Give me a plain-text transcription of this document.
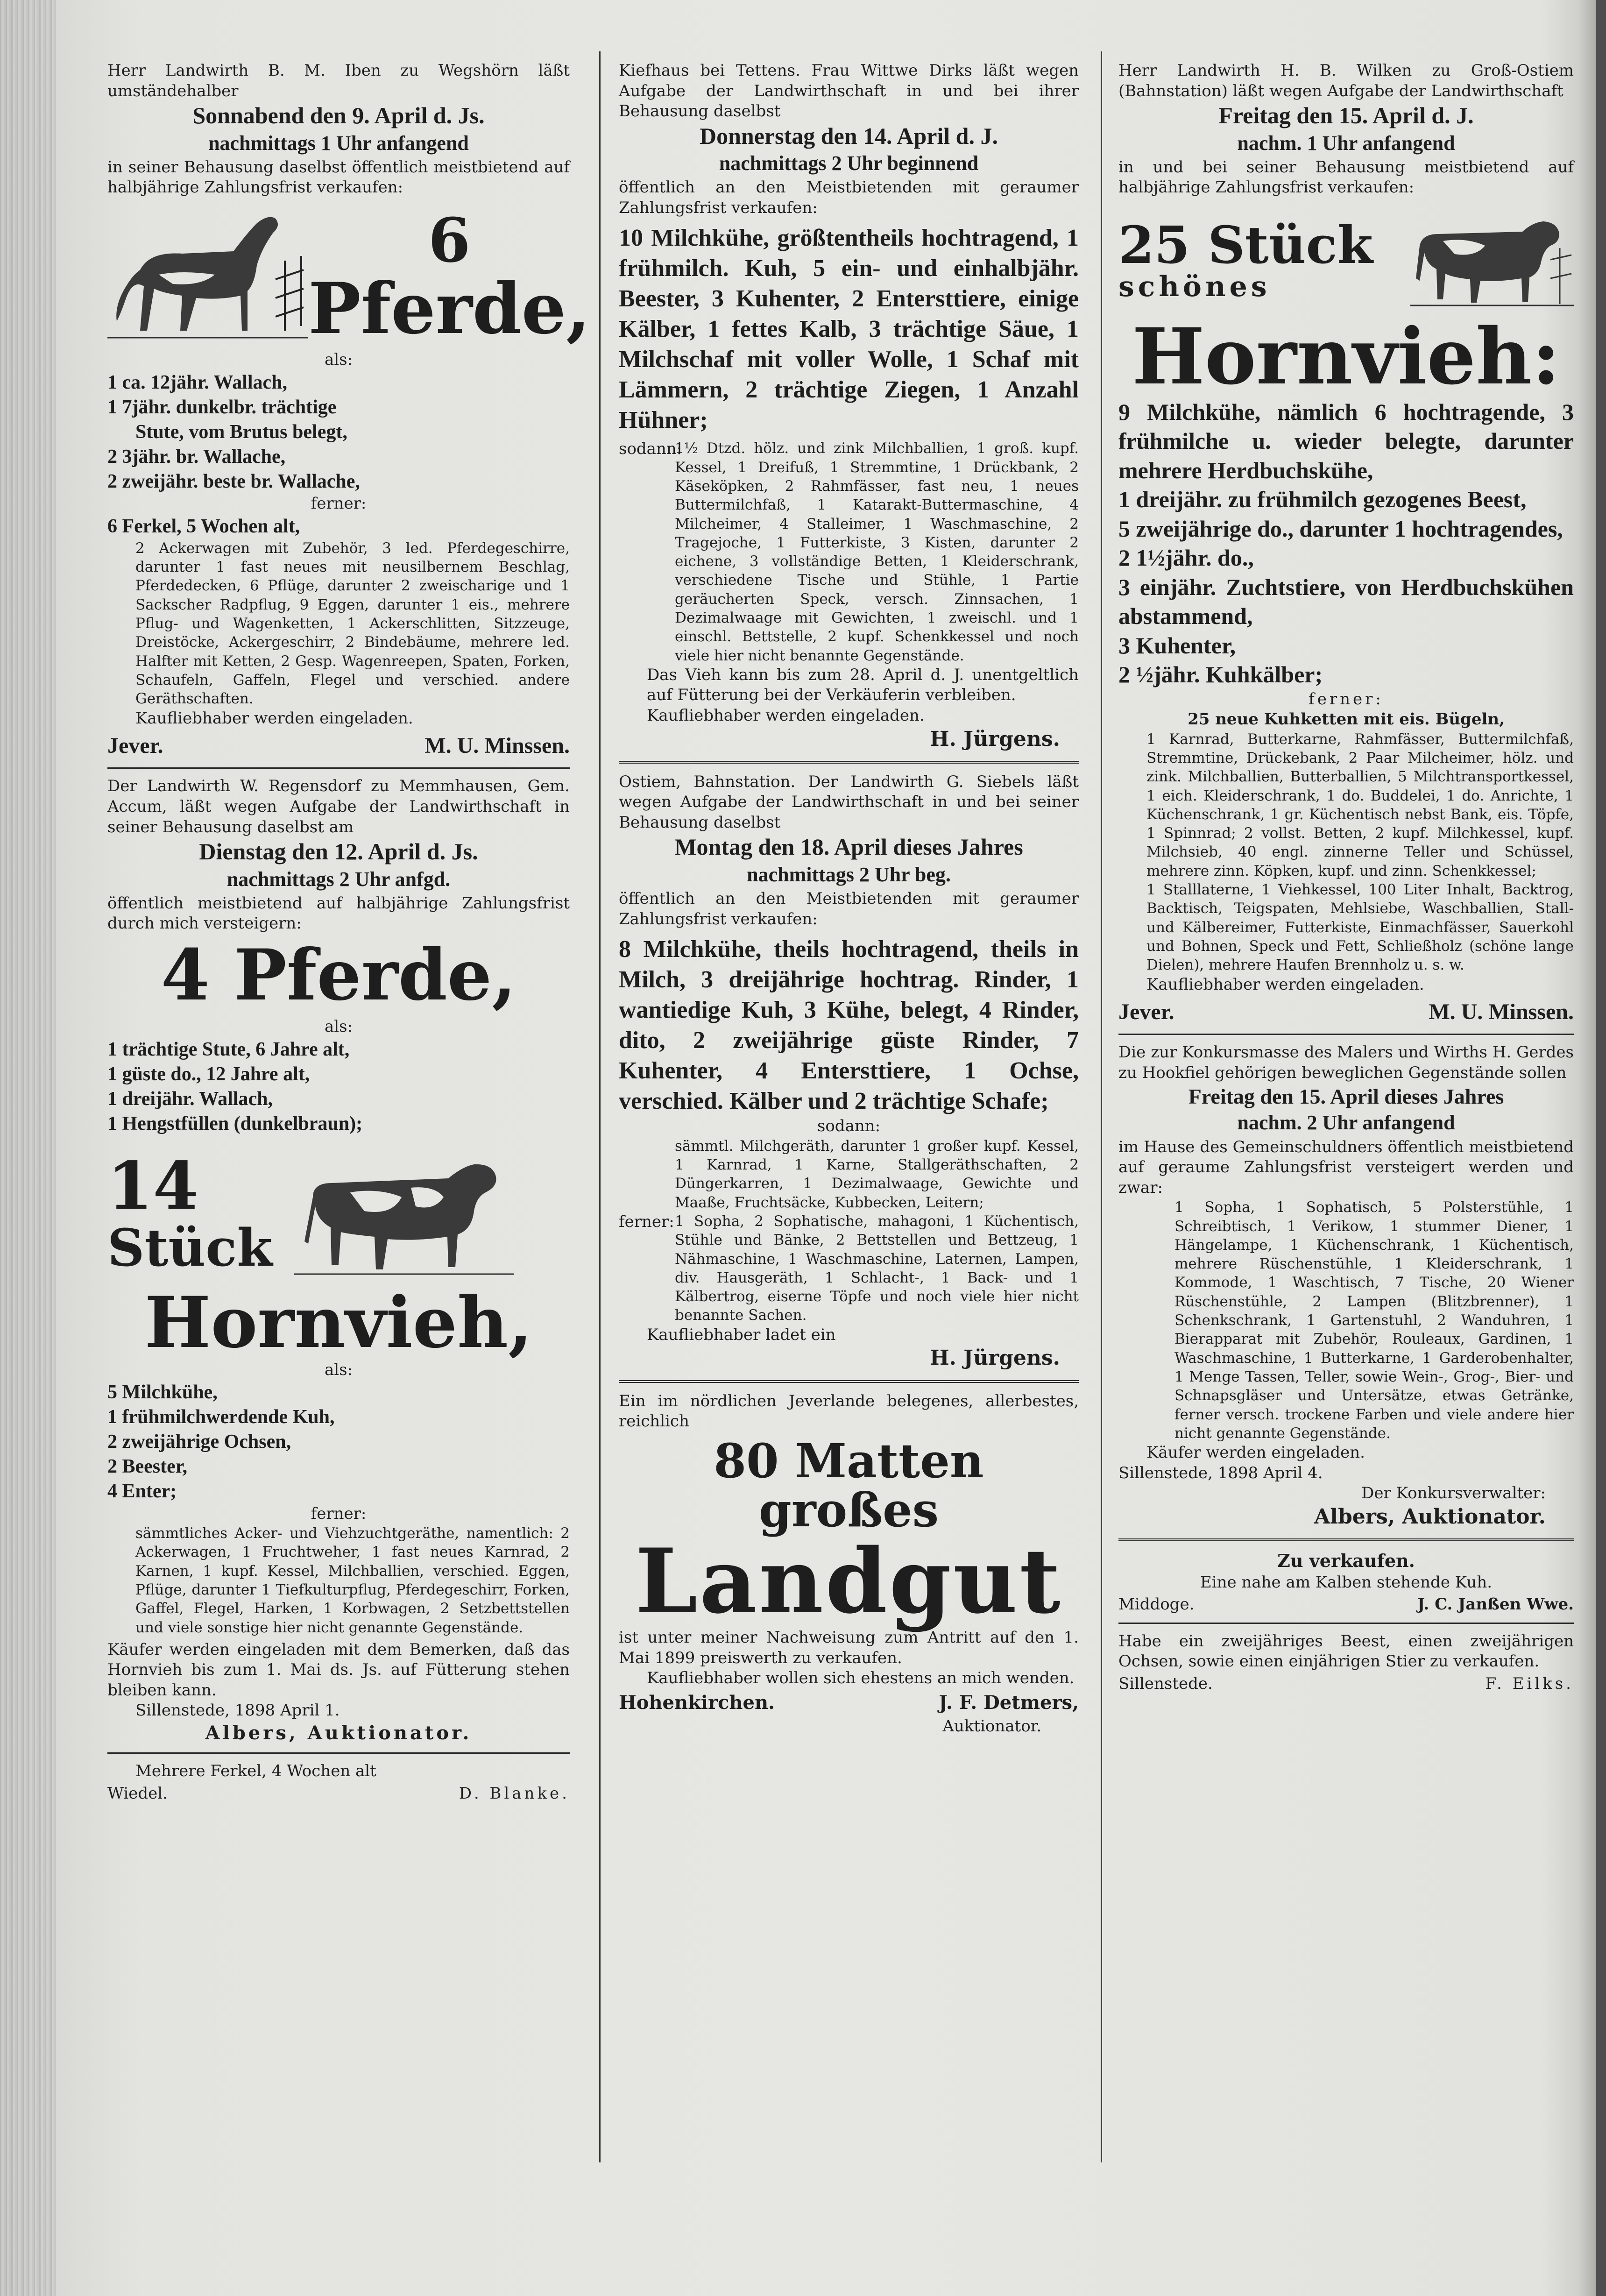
Herr Landwirth B. M. Iben zu Wegshörn läßt umständehalber

Sonnabend den 9. April d. Js.

nachmittags 1 Uhr anfangend

in seiner Behausung daselbst öffentlich meistbietend auf halbjährige Zahlungsfrist verkaufen:

6

Pferde,

als:

1 ca. 12jähr. Wallach,

1 7jähr. dunkelbr. trächtige

Stute, vom Brutus belegt,

2 3jähr. br. Wallache,

2 zweijähr. beste br. Wallache,

ferner:

6 Ferkel, 5 Wochen alt,

2 Ackerwagen mit Zubehör, 3 led. Pferdegeschirre, darunter 1 fast neues mit neusilbernem Beschlag, Pferdedecken, 6 Pflüge, darunter 2 zweischarige und 1 Sackscher Radpflug, 9 Eggen, darunter 1 eis., mehrere Pflug- und Wagenketten, 1 Ackerschlitten, Sitzzeuge, Dreistöcke, Ackergeschirr, 2 Bindebäume, mehrere led. Halfter mit Ketten, 2 Gesp. Wagenreepen, Spaten, Forken, Schaufeln, Gaffeln, Flegel und verschied. andere Geräthschaften.

Kaufliebhaber werden eingeladen.

Jever.	M. U. Minssen.

Der Landwirth W. Regensdorf zu Memmhausen, Gem. Accum, läßt wegen Aufgabe der Landwirthschaft in seiner Behausung daselbst am

Dienstag den 12. April d. Js.

nachmittags 2 Uhr anfgd.

öffentlich meistbietend auf halbjährige Zahlungsfrist durch mich versteigern:

4 Pferde,

als:

1 trächtige Stute, 6 Jahre alt,

1 güste do., 12 Jahre alt,

1 dreijähr. Wallach,

1 Hengstfüllen (dunkelbraun);

14

Stück

Hornvieh,

als:

5 Milchkühe,

1 frühmilchwerdende Kuh,

2 zweijährige Ochsen,

2 Beester,

4 Enter;

ferner:

sämmtliches Acker- und Viehzuchtgeräthe, namentlich: 2 Ackerwagen, 1 Fruchtweher, 1 fast neues Karnrad, 2 Karnen, 1 kupf. Kessel, Milchballien, verschied. Eggen, Pflüge, darunter 1 Tiefkulturpflug, Pferdegeschirr, Forken, Gaffel, Flegel, Harken, 1 Korbwagen, 2 Setzbettstellen und viele sonstige hier nicht genannte Gegenstände.

Käufer werden eingeladen mit dem Bemerken, daß das Hornvieh bis zum 1. Mai ds. Js. auf Fütterung stehen bleiben kann.

Sillenstede, 1898 April 1.

Albers, Auktionator.

Mehrere Ferkel, 4 Wochen alt

Wiedel.	D. Blanke.

Kiefhaus bei Tettens. Frau Wittwe Dirks läßt wegen Aufgabe der Landwirthschaft in und bei ihrer Behausung daselbst

Donnerstag den 14. April d. J.

nachmittags 2 Uhr beginnend

öffentlich an den Meistbietenden mit geraumer Zahlungsfrist verkaufen:

10 Milchkühe, größtentheils hochtragend, 1 frühmilch. Kuh, 5 ein- und einhalbjähr. Beester, 3 Kuhenter, 2 Entersttiere, einige Kälber, 1 fettes Kalb, 3 trächtige Säue, 1 Milchschaf mit voller Wolle, 1 Schaf mit Lämmern, 2 trächtige Ziegen, 1 Anzahl Hühner;

sodann:

1½ Dtzd. hölz. und zink Milchballien, 1 groß. kupf. Kessel, 1 Dreifuß, 1 Stremmtine, 1 Drückbank, 2 Käseköpken, 2 Rahmfässer, fast neu, 1 neues Buttermilchfaß, 1 Katarakt-Buttermaschine, 4 Milcheimer, 4 Stalleimer, 1 Waschmaschine, 2 Tragejoche, 1 Futterkiste, 3 Kisten, darunter 2 eichene, 3 vollständige Betten, 1 Kleiderschrank, verschiedene Tische und Stühle, 1 Partie geräucherten Speck, versch. Zinnsachen, 1 Dezimalwaage mit Gewichten, 1 zweischl. und 1 einschl. Bettstelle, 2 kupf. Schenkkessel und noch viele hier nicht benannte Gegenstände.

Das Vieh kann bis zum 28. April d. J. unentgeltlich auf Fütterung bei der Verkäuferin verbleiben.

Kaufliebhaber werden eingeladen.

H. Jürgens.

Ostiem, Bahnstation. Der Landwirth G. Siebels läßt wegen Aufgabe der Landwirthschaft in und bei seiner Behausung daselbst

Montag den 18. April dieses Jahres

nachmittags 2 Uhr beg.

öffentlich an den Meistbietenden mit geraumer Zahlungsfrist verkaufen:

8 Milchkühe, theils hochtragend, theils in Milch, 3 dreijährige hochtrag. Rinder, 1 wantiedige Kuh, 3 Kühe, belegt, 4 Rinder, dito, 2 zweijährige güste Rinder, 7 Kuhenter, 4 Entersttiere, 1 Ochse, verschied. Kälber und 2 trächtige Schafe;

sodann:

sämmtl. Milchgeräth, darunter 1 großer kupf. Kessel, 1 Karnrad, 1 Karne, Stallgeräthschaften, 2 Düngerkarren, 1 Dezimalwaage, Gewichte und Maaße, Fruchtsäcke, Kubbecken, Leitern;

ferner: 1 Sopha, 2 Sophatische, mahagoni, 1 Küchentisch, Stühle und Bänke, 2 Bettstellen und Bettzeug, 1 Nähmaschine, 1 Waschmaschine, Laternen, Lampen, div. Hausgeräth, 1 Schlacht-, 1 Back- und 1 Kälbertrog, eiserne Töpfe und noch viele hier nicht benannte Sachen.

Kaufliebhaber ladet ein

H. Jürgens.

Ein im nördlichen Jeverlande belegenes, allerbestes, reichlich

80 Matten großes

Landgut

ist unter meiner Nachweisung zum Antritt auf den 1. Mai 1899 preiswerth zu verkaufen.

Kaufliebhaber wollen sich ehestens an mich wenden.

Hohenkirchen.	J. F. Detmers,

Auktionator.

Herr Landwirth H. B. Wilken zu Groß-Ostiem (Bahnstation) läßt wegen Aufgabe der Landwirthschaft

Freitag den 15. April d. J.

nachm. 1 Uhr anfangend

in und bei seiner Behausung meistbietend auf halbjährige Zahlungsfrist verkaufen:

25 Stück

schönes

Hornvieh:

9 Milchkühe, nämlich 6 hochtragende, 3 frühmilche u. wieder belegte, darunter mehrere Herdbuchskühe,

1 dreijähr. zu frühmilch gezogenes Beest,

5 zweijährige do., darunter 1 hochtragendes,

2 1½jähr. do.,

3 einjähr. Zuchtstiere, von Herdbuchskühen abstammend,

3 Kuhenter,

2 ½jähr. Kuhkälber;

ferner:

25 neue Kuhketten mit eis. Bügeln,

1 Karnrad, Butterkarne, Rahmfässer, Buttermilchfaß, Stremmtine, Drückebank, 2 Paar Milcheimer, hölz. und zink. Milchballien, Butterballien, 5 Milchtransportkessel, 1 eich. Kleiderschrank, 1 do. Buddelei, 1 do. Anrichte, 1 Küchenschrank, 1 gr. Küchentisch nebst Bank, eis. Töpfe, 1 Spinnrad; 2 vollst. Betten, 2 kupf. Milchkessel, kupf. Milchsieb, 40 engl. zinnerne Teller und Schüssel, mehrere zinn. Köpken, kupf. und zinn. Schenkkessel;

1 Stalllaterne, 1 Viehkessel, 100 Liter Inhalt, Backtrog, Backtisch, Teigspaten, Mehlsiebe, Waschballien, Stall- und Kälbereimer, Futterkiste, Einmachfässer, Sauerkohl und Bohnen, Speck und Fett, Schließholz (schöne lange Dielen), mehrere Haufen Brennholz u. s. w.

Kaufliebhaber werden eingeladen.

Jever.	M. U. Minssen.

Die zur Konkursmasse des Malers und Wirths H. Gerdes zu Hookfiel gehörigen beweglichen Gegenstände sollen

Freitag den 15. April dieses Jahres

nachm. 2 Uhr anfangend

im Hause des Gemeinschuldners öffentlich meistbietend auf geraume Zahlungsfrist versteigert werden und zwar:

1 Sopha, 1 Sophatisch, 5 Polsterstühle, 1 Schreibtisch, 1 Verikow, 1 stummer Diener, 1 Hängelampe, 1 Küchenschrank, 1 Küchentisch, mehrere Rüschenstühle, 1 Kleiderschrank, 1 Kommode, 1 Waschtisch, 7 Tische, 20 Wiener Rüschenstühle, 2 Lampen (Blitzbrenner), 1 Schenkschrank, 1 Gartenstuhl, 2 Wanduhren, 1 Bierapparat mit Zubehör, Rouleaux, Gardinen, 1 Waschmaschine, 1 Butterkarne, 1 Garderobenhalter, 1 Menge Tassen, Teller, sowie Wein-, Grog-, Bier- und Schnapsgläser und Untersätze, etwas Getränke, ferner versch. trockene Farben und viele andere hier nicht genannte Gegenstände.

Käufer werden eingeladen.

Sillenstede, 1898 April 4.

Der Konkursverwalter:

Albers, Auktionator.

Zu verkaufen.

Eine nahe am Kalben stehende Kuh.

Middoge.	J. C. Janßen Wwe.

Habe ein zweijähriges Beest, einen zweijährigen Ochsen, sowie einen einjährigen Stier zu verkaufen.

Sillenstede.	F. Eilks.
